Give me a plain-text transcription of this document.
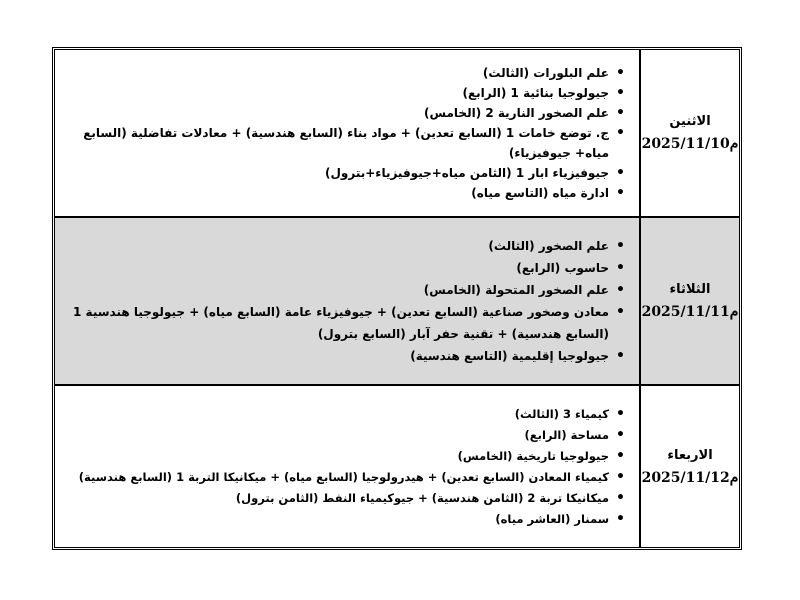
الاثنين
2025/11/10م
• علم البلورات (الثالث)
• جيولوجيا بنائية 1 (الرابع)
• علم الصخور النارية 2 (الخامس)
• ج. توضع خامات 1 (السابع تعدين) + مواد بناء (السابع هندسية) + معادلات تفاضلية (السابع مياه+ جيوفيزياء)
• جيوفيزياء ابار 1 (الثامن مياه+جيوفيزياء+بترول)
• ادارة مياه (التاسع مياه)
الثلاثاء
2025/11/11م
• علم الصخور (الثالث)
• حاسوب (الرابع)
• علم الصخور المتحولة (الخامس)
• معادن وصخور صناعية (السابع تعدين) + جيوفيزياء عامة (السابع مياه) + جيولوجيا هندسية 1 (السابع هندسية) + تقنية حفر آبار (السابع بترول)
• جيولوجيا إقليمية (التاسع هندسية)
الاربعاء
2025/11/12م
• كيمياء 3 (الثالث)
• مساحة (الرابع)
• جيولوجيا تاريخية (الخامس)
• كيمياء المعادن (السابع تعدين) + هيدرولوجيا (السابع مياه) + ميكانيكا التربة 1 (السابع هندسية)
• ميكانيكا تربة 2 (الثامن هندسية) + جيوكيمياء النفط (الثامن بترول)
• سمنار (العاشر مياه)
